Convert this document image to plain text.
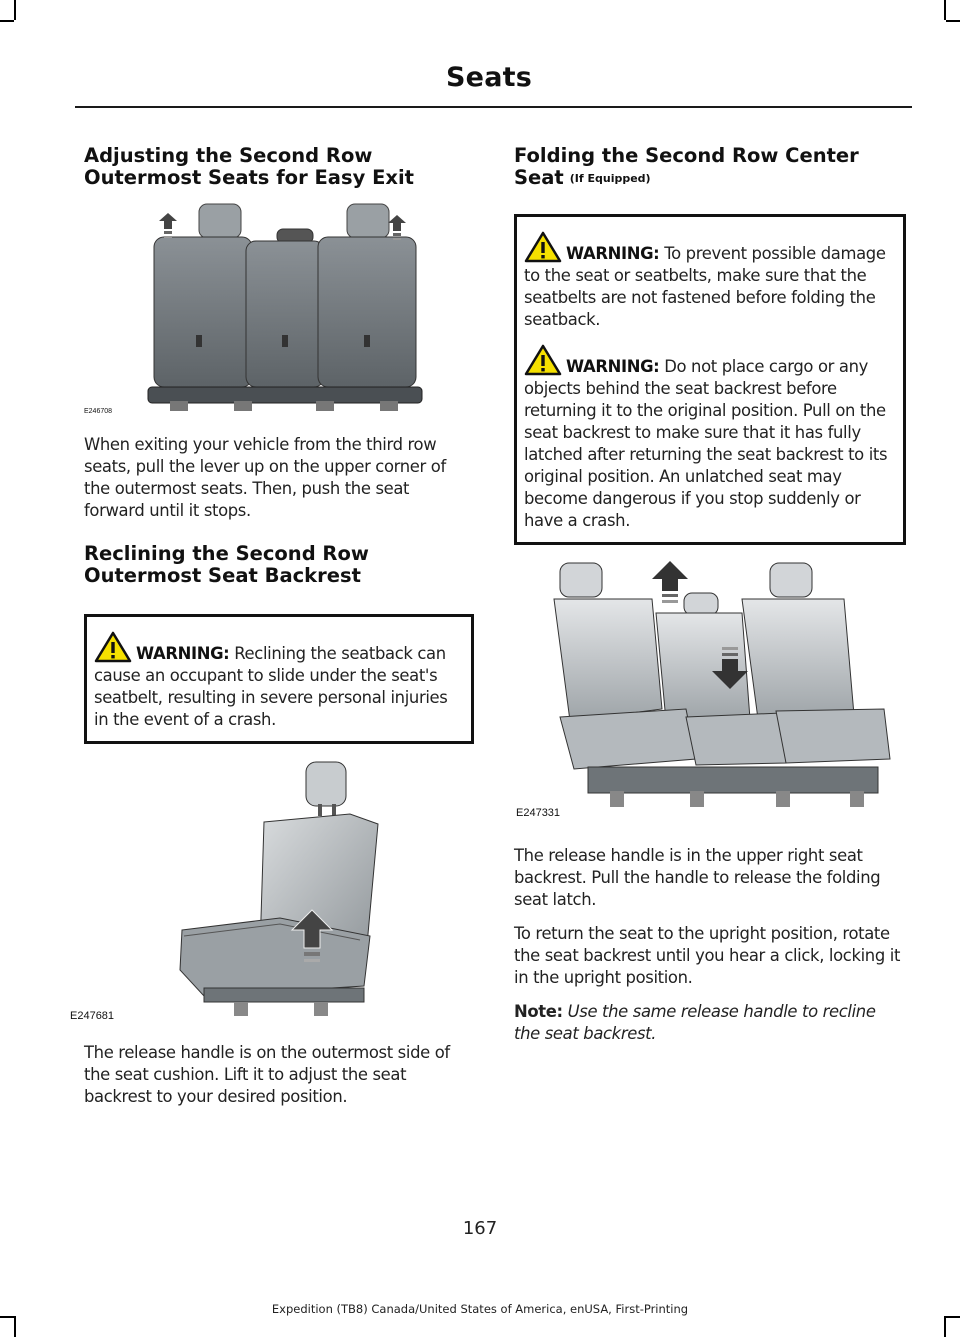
Seats
Adjusting the Second Row Outermost Seats for Easy Exit
E246708

When exiting your vehicle from the third row seats, pull the lever up on the upper corner of the outermost seats. Then, push the seat forward until it stops.

Reclining the Second Row Outermost Seat Backrest

WARNING: Reclining the seatback can cause an occupant to slide under the seat's seatbelt, resulting in severe personal injuries in the event of a crash.

E247681

The release handle is on the outermost side of the seat cushion. Lift it to adjust the seat backrest to your desired position.

Folding the Second Row Center Seat (If Equipped)

WARNING: To prevent possible damage to the seat or seatbelts, make sure that the seatbelts are not fastened before folding the seatback.

WARNING: Do not place cargo or any objects behind the seat backrest before returning it to the original position. Pull on the seat backrest to make sure that it has fully latched after returning the seat backrest to its original position. An unlatched seat may become dangerous if you stop suddenly or have a crash.

E247331

The release handle is in the upper right seat backrest. Pull the handle to release the folding seat latch.

To return the seat to the upright position, rotate the seat backrest until you hear a click, locking it in the upright position.

Note: Use the same release handle to recline the seat backrest.

167
Expedition (TB8) Canada/United States of America, enUSA, First-Printing
